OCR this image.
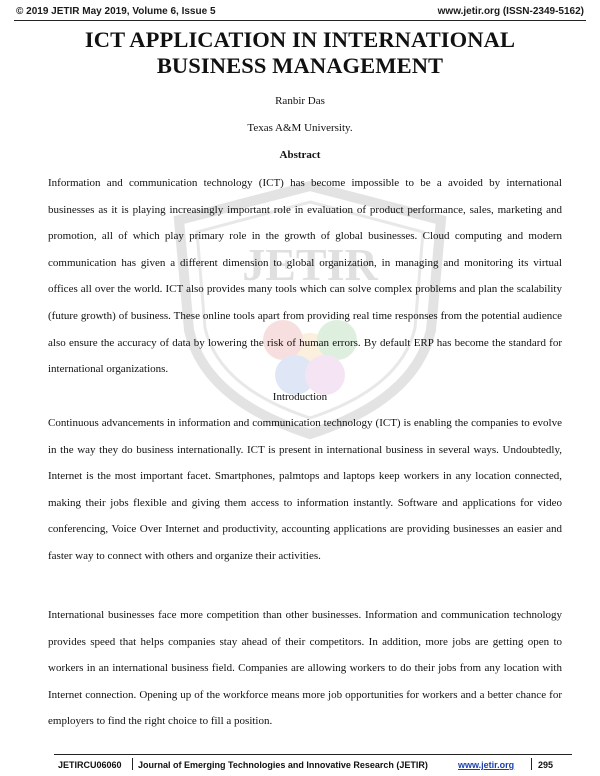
© 2019 JETIR May 2019, Volume 6, Issue 5	www.jetir.org (ISSN-2349-5162)
JETIR
ICT APPLICATION IN INTERNATIONAL
BUSINESS MANAGEMENT
Ranbir Das
Texas A&M University.
Abstract

Information and communication technology (ICT) has become impossible to be a avoided by international businesses as it is playing increasingly important role in evaluation of product performance, sales, marketing and promotion, all of which play primary role in the growth of global businesses. Cloud computing and modern communication has given a different dimension to global organization, in managing and monitoring its virtual offices all over the world. ICT also provides many tools which can solve complex problems and plan the scalability (future growth) of business. These online tools apart from providing real time responses from the potential audience also ensure the accuracy of data by lowering the risk of human errors. By default ERP has become the standard for international organizations.

Introduction

Continuous advancements in information and communication technology (ICT) is enabling the companies to evolve in the way they do business internationally. ICT is present in international business in several ways. Undoubtedly, Internet is the most important facet. Smartphones, palmtops and laptops keep workers in any location connected, making their jobs flexible and giving them access to information instantly. Software and applications for video conferencing, Voice Over Internet and productivity, accounting applications are providing businesses an easier and faster way to connect with others and organize their activities.

International businesses face more competition than other businesses. Information and communication technology provides speed that helps companies stay ahead of their competitors. In addition, more jobs are getting open to workers in an international business field. Companies are allowing workers to do their jobs from any location with Internet connection. Opening up of the workforce means more job opportunities for workers and a better chance for employers to find the right choice to fill a position.

JETIRCU06060 Journal of Emerging Technologies and Innovative Research (JETIR)	www.jetir.org	295
